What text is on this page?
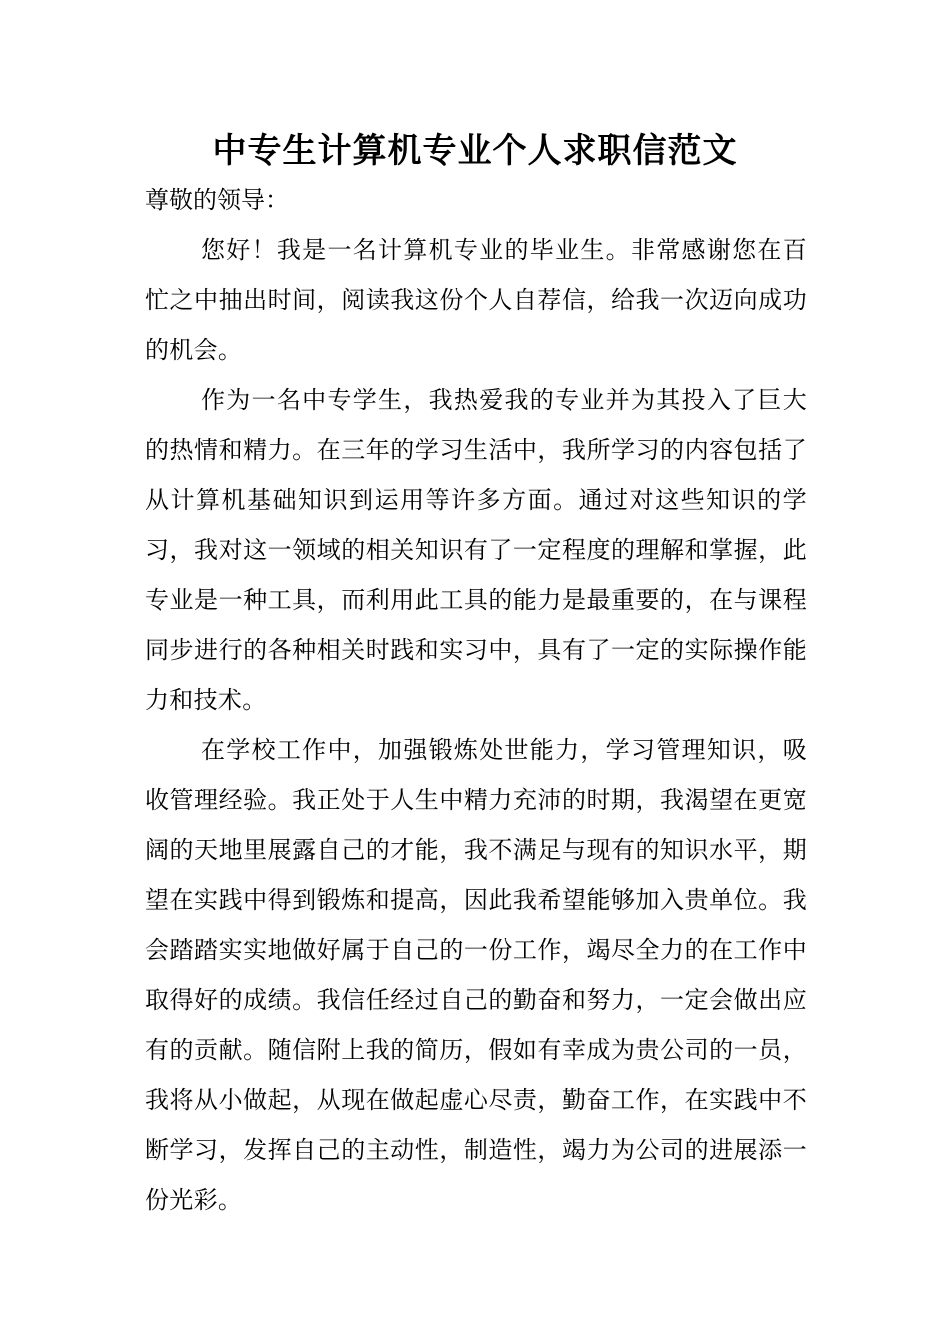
中专生计算机专业个人求职信范文

尊敬的领导：

您好！我是一名计算机专业的毕业生。非常感谢您在百忙之中抽出时间，阅读我这份个人自荐信，给我一次迈向成功的机会。

作为一名中专学生，我热爱我的专业并为其投入了巨大的热情和精力。在三年的学习生活中，我所学习的内容包括了从计算机基础知识到运用等许多方面。通过对这些知识的学习，我对这一领域的相关知识有了一定程度的理解和掌握，此专业是一种工具，而利用此工具的能力是最重要的，在与课程同步进行的各种相关时践和实习中，具有了一定的实际操作能力和技术。

在学校工作中，加强锻炼处世能力，学习管理知识，吸收管理经验。我正处于人生中精力充沛的时期，我渴望在更宽阔的天地里展露自己的才能，我不满足与现有的知识水平，期望在实践中得到锻炼和提高，因此我希望能够加入贵单位。我会踏踏实实地做好属于自己的一份工作，竭尽全力的在工作中取得好的成绩。我信任经过自己的勤奋和努力，一定会做出应有的贡献。随信附上我的简历，假如有幸成为贵公司的一员，我将从小做起，从现在做起虚心尽责，勤奋工作，在实践中不断学习，发挥自己的主动性，制造性，竭力为公司的进展添一份光彩。
